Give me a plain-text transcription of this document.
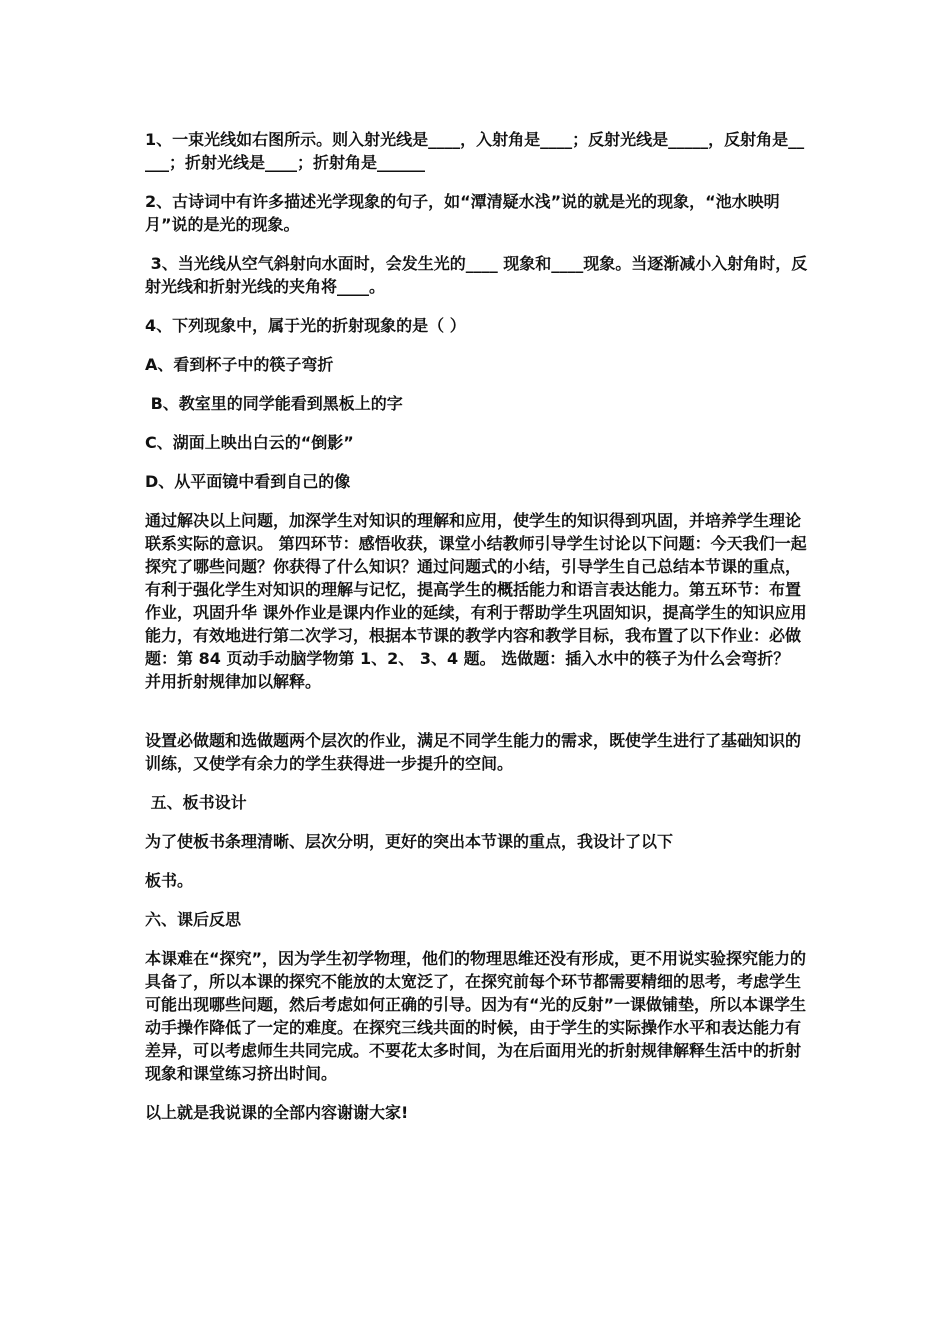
1、一束光线如右图所示。则入射光线是____，入射角是____；反射光线是_____，反射角是_____；折射光线是____；折射角是______

2、古诗词中有许多描述光学现象的句子，如“潭清疑水浅”说的就是光的现象，“池水映明月”说的是光的现象。

3、当光线从空气斜射向水面时，会发生光的____ 现象和____现象。当逐渐减小入射角时，反射光线和折射光线的夹角将____。

4、下列现象中，属于光的折射现象的是（ ）

A、看到杯子中的筷子弯折

B、教室里的同学能看到黑板上的字

C、湖面上映出白云的“倒影”

D、从平面镜中看到自己的像

通过解决以上问题，加深学生对知识的理解和应用，使学生的知识得到巩固，并培养学生理论联系实际的意识。 第四环节：感悟收获，课堂小结教师引导学生讨论以下问题：今天我们一起探究了哪些问题？你获得了什么知识？通过问题式的小结，引导学生自己总结本节课的重点，有利于强化学生对知识的理解与记忆，提高学生的概括能力和语言表达能力。第五环节：布置作业，巩固升华 课外作业是课内作业的延续，有利于帮助学生巩固知识，提高学生的知识应用能力，有效地进行第二次学习，根据本节课的教学内容和教学目标，我布置了以下作业：必做题：第 84 页动手动脑学物第 1、2、 3、4 题。 选做题：插入水中的筷子为什么会弯折？ 并用折射规律加以解释。

设置必做题和选做题两个层次的作业，满足不同学生能力的需求，既使学生进行了基础知识的训练，又使学有余力的学生获得进一步提升的空间。

五、板书设计

为了使板书条理清晰、层次分明，更好的突出本节课的重点，我设计了以下

板书。

六、课后反思

本课难在“探究”，因为学生初学物理，他们的物理思维还没有形成，更不用说实验探究能力的具备了，所以本课的探究不能放的太宽泛了，在探究前每个环节都需要精细的思考，考虑学生可能出现哪些问题，然后考虑如何正确的引导。因为有“光的反射”一课做铺垫，所以本课学生动手操作降低了一定的难度。在探究三线共面的时候，由于学生的实际操作水平和表达能力有差异，可以考虑师生共同完成。不要花太多时间，为在后面用光的折射规律解释生活中的折射现象和课堂练习挤出时间。

以上就是我说课的全部内容谢谢大家!
